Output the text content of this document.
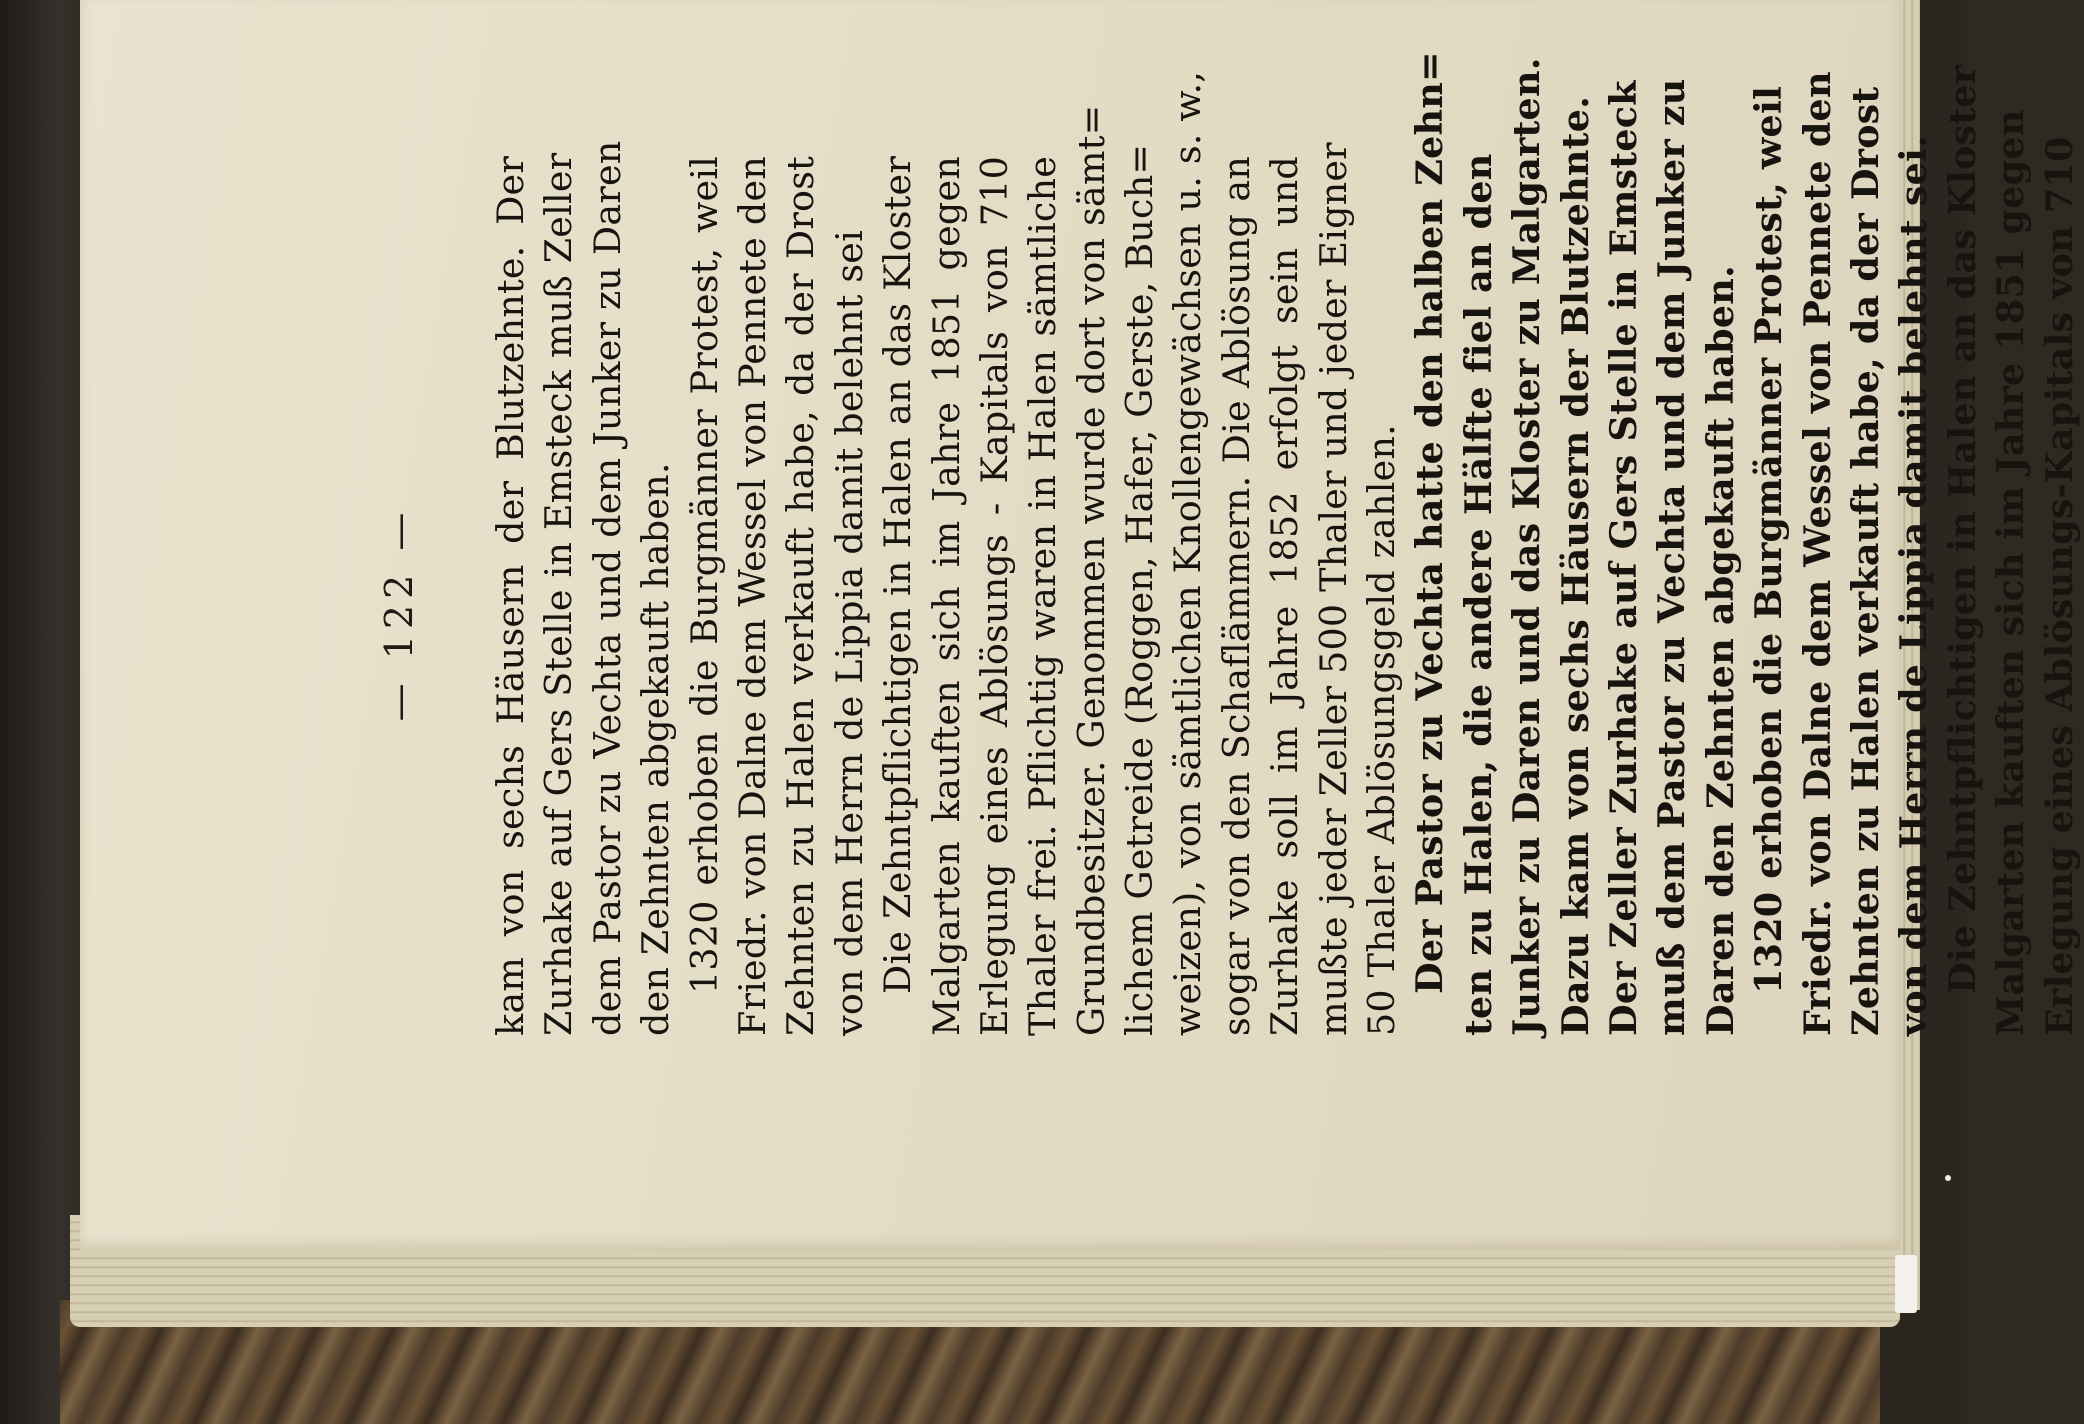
— 122 —	kam von sechs Häusern der Blutzehnte. Der Zurhake auf Gers Stelle in Emsteck muß Zeller dem Pastor zu Vechta und dem Junker zu Daren den Zehnten abgekauft haben. 1320 erhoben die Burgmänner Protest, weil Friedr. von Dalne dem Wessel von Pennete den Zehnten zu Halen verkauft habe, da der Drost von dem Herrn de Lippia damit belehnt sei Die Zehntpflichtigen in Halen an das Kloster Malgarten kauften sich im Jahre 1851 gegen Erlegung eines Ablösungs - Kapitals von 710 Thaler frei. Pflichtig waren in Halen sämtliche Grundbesitzer. Genommen wurde dort von sämt= lichem Getreide (Roggen, Hafer, Gerste, Buch= weizen), von sämtlichen Knollengewächsen u. s. w., sogar von den Schaflämmern. Die Ablösung an Zurhake soll im Jahre 1852 erfolgt sein und mußte jeder Zeller 500 Thaler und jeder Eigner 50 Thaler Ablösungsgeld zahlen. Der Pastor zu Vechta hatte den halben Zehn= ten zu Halen, die andere Hälfte fiel an den Junker zu Daren und das Kloster zu Malgarten. Dazu kam von sechs Häusern der Blutzehnte. Der Zeller Zurhake auf Gers Stelle in Emsteck muß dem Pastor zu Vechta und dem Junker zu Daren den Zehnten abgekauft haben. 1320 erhoben die Burgmänner Protest, weil Friedr. von Dalne dem Wessel von Pennete den Zehnten zu Halen verkauft habe, da der Drost von dem Herrn de Lippia damit belehnt sei. Die Zehntpflichtigen in Halen an das Kloster Malgarten kauften sich im Jahre 1851 gegen Erlegung eines Ablösungs-Kapitals von 710
